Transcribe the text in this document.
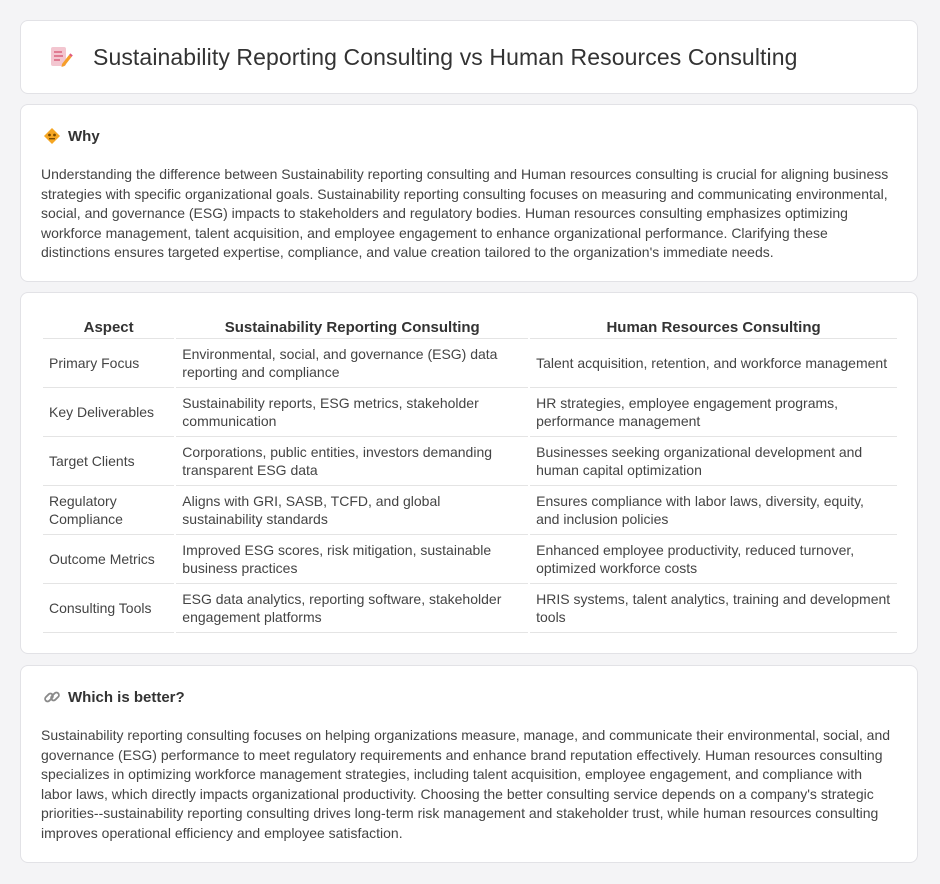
Sustainability Reporting Consulting vs Human Resources Consulting
Why

Understanding the difference between Sustainability reporting consulting and Human resources consulting is crucial for aligning business strategies with specific organizational goals. Sustainability reporting consulting focuses on measuring and communicating environmental, social, and governance (ESG) impacts to stakeholders and regulatory bodies. Human resources consulting emphasizes optimizing workforce management, talent acquisition, and employee engagement to enhance organizational performance. Clarifying these distinctions ensures targeted expertise, compliance, and value creation tailored to the organization's immediate needs.

Aspect	Sustainability Reporting Consulting	Human Resources Consulting
Primary Focus	Environmental, social, and governance (ESG) data reporting and compliance	Talent acquisition, retention, and workforce management
Key Deliverables	Sustainability reports, ESG metrics, stakeholder communication	HR strategies, employee engagement programs, performance management
Target Clients	Corporations, public entities, investors demanding transparent ESG data	Businesses seeking organizational development and human capital optimization
Regulatory Compliance	Aligns with GRI, SASB, TCFD, and global sustainability standards	Ensures compliance with labor laws, diversity, equity, and inclusion policies
Outcome Metrics	Improved ESG scores, risk mitigation, sustainable business practices	Enhanced employee productivity, reduced turnover, optimized workforce costs
Consulting Tools	ESG data analytics, reporting software, stakeholder engagement platforms	HRIS systems, talent analytics, training and development tools
Which is better?

Sustainability reporting consulting focuses on helping organizations measure, manage, and communicate their environmental, social, and governance (ESG) performance to meet regulatory requirements and enhance brand reputation effectively. Human resources consulting specializes in optimizing workforce management strategies, including talent acquisition, employee engagement, and compliance with labor laws, which directly impacts organizational productivity. Choosing the better consulting service depends on a company's strategic priorities--sustainability reporting consulting drives long-term risk management and stakeholder trust, while human resources consulting improves operational efficiency and employee satisfaction.
